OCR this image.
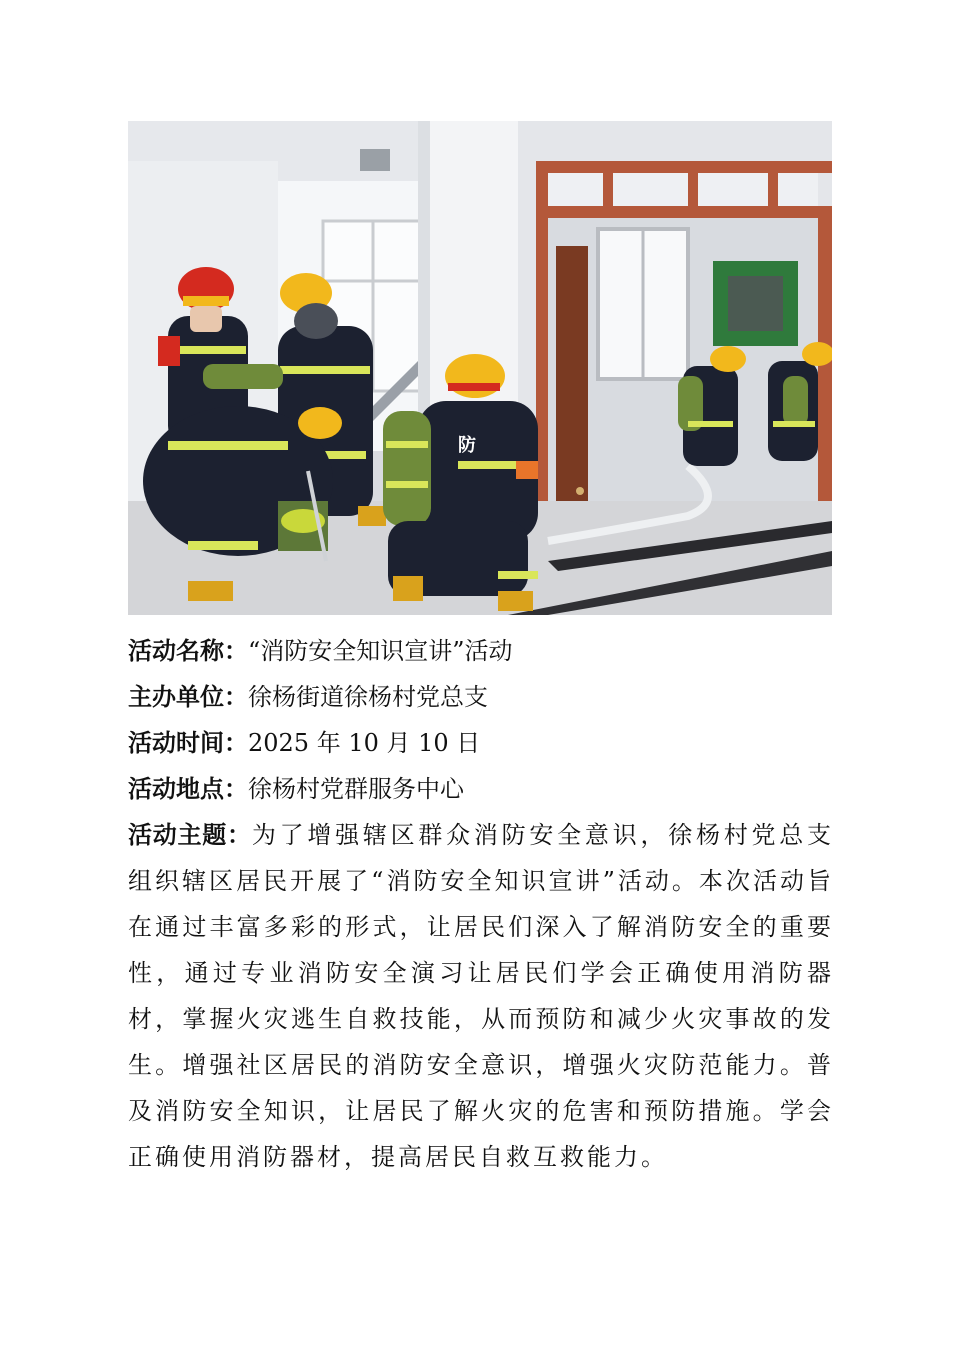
防
活动名称：“消防安全知识宣讲”活动
主办单位：徐杨街道徐杨村党总支
活动时间：2025 年 10 月 10 日
活动地点：徐杨村党群服务中心
活动主题：为了增强辖区群众消防安全意识，徐杨村党总支组织辖区居民开展了“消防安全知识宣讲”活动。本次活动旨在通过丰富多彩的形式，让居民们深入了解消防安全的重要性，通过专业消防安全演习让居民们学会正确使用消防器材，掌握火灾逃生自救技能，从而预防和减少火灾事故的发生。增强社区居民的消防安全意识，增强火灾防范能力。普及消防安全知识，让居民了解火灾的危害和预防措施。学会正确使用消防器材，提高居民自救互救能力。
